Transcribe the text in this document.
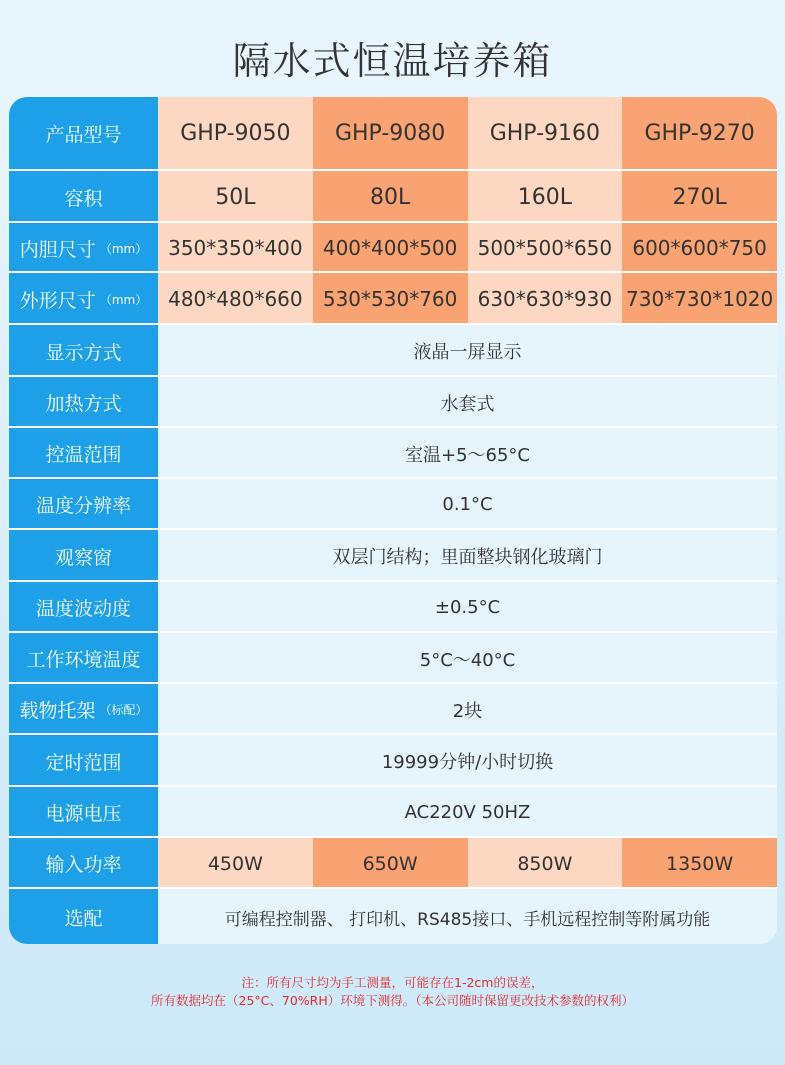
隔水式恒温培养箱
产品型号	GHP-9050	GHP-9080	GHP-9160	GHP-9270
容积	50L	80L	160L	270L
内胆尺寸 （mm）	350*350*400	400*400*500	500*500*650	600*600*750
外形尺寸 （mm）	480*480*660	530*530*760	630*630*930 730*730*1020
显示方式	液晶一屏显示
加热方式	水套式
控温范围	室温+5～65°C
温度分辨率	0.1°C
观察窗	双层门结构；里面整块钢化玻璃门
温度波动度	±0.5°C
工作环境温度	5°C～40°C
载物托架 （标配）	2块
定时范围	19999分钟/小时切换
电源电压	AC220V 50HZ
输入功率	450W	650W	850W	1350W
选配	可编程控制器、 打印机、RS485接口、手机远程控制等附属功能
注：所有尺寸均为手工测量，可能存在1-2cm的误差，
所有数据均在（25°C、70%RH）环境下测得。（本公司随时保留更改技术参数的权利）
